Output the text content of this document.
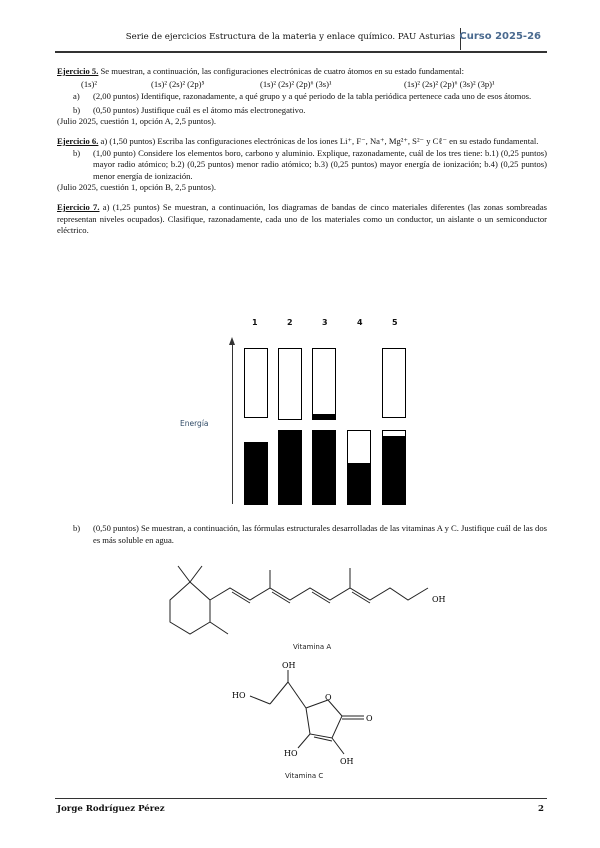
Serie de ejercicios Estructura de la materia y enlace químico. PAU Asturias Curso 2025-26

Ejercicio 5. Se muestran, a continuación, las configuraciones electrónicas de cuatro átomos en su estado fundamental:

(1s)²	(1s)² (2s)² (2p)⁵	(1s)² (2s)² (2p)⁶ (3s)¹	(1s)² (2s)² (2p)⁶ (3s)² (3p)¹
a) (2,00 puntos) Identifique, razonadamente, a qué grupo y a qué periodo de la tabla periódica pertenece cada uno de esos átomos.
b) (0,50 puntos) Justifique cuál es el átomo más electronegativo.

(Julio 2025, cuestión 1, opción A, 2,5 puntos).

Ejercicio 6. a) (1,50 puntos) Escriba las configuraciones electrónicas de los iones Li⁺, F⁻, Na⁺, Mg²⁺, S²⁻ y Cℓ⁻ en su estado fundamental.

b) (1,00 punto) Considere los elementos boro, carbono y aluminio. Explique, razonadamente, cuál de los tres tiene: b.1) (0,25 puntos) mayor radio atómico; b.2) (0,25 puntos) menor radio atómico; b.3) (0,25 puntos) mayor energía de ionización; b.4) (0,25 puntos) menor energía de ionización.

(Julio 2025, cuestión 1, opción B, 2,5 puntos).

Ejercicio 7. a) (1,25 puntos) Se muestran, a continuación, los diagramas de bandas de cinco materiales diferentes (las zonas sombreadas representan niveles ocupados). Clasifique, razonadamente, cada uno de los materiales como un conductor, un aislante o un semiconductor eléctrico.

1	2	3	4	5
Energía
b) (0,50 puntos) Se muestran, a continuación, las fórmulas estructurales desarrolladas de las vitaminas A y C. Justifique cuál de las dos es más soluble en agua.
OH
Vitamina A
OH
HO	O
O
HO
OH
Vitamina C
Jorge Rodríguez Pérez	2
